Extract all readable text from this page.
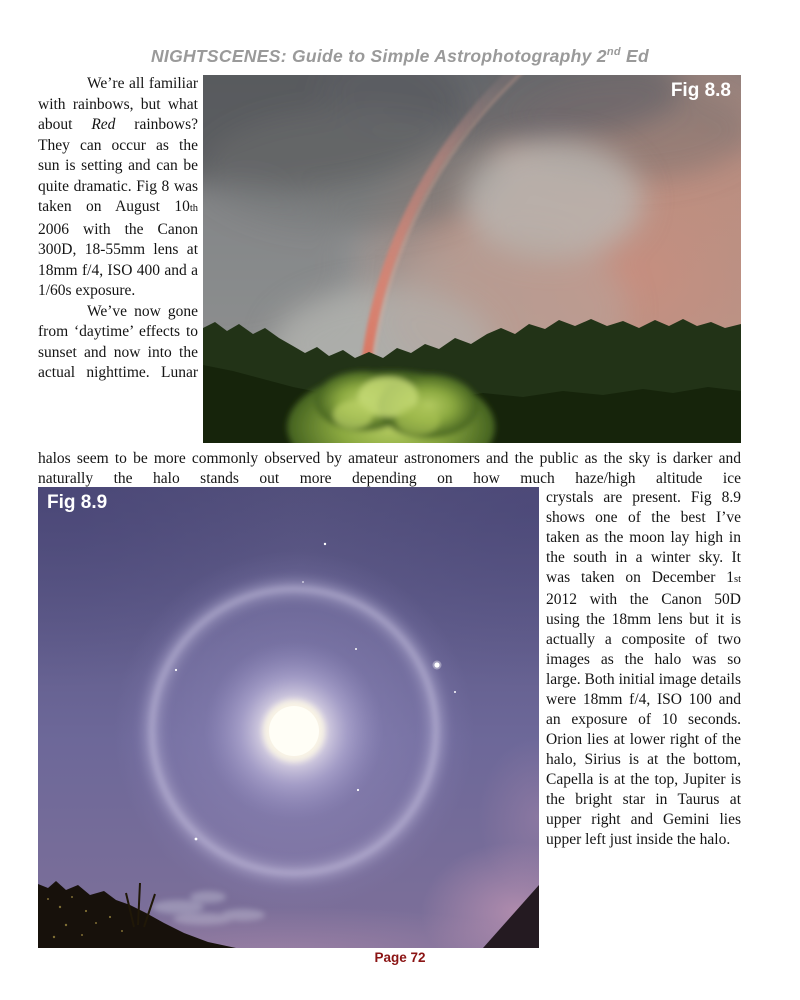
NIGHTSCENES: Guide to Simple Astrophotography 2nd Ed

We’re all familiar with rainbows, but what about Red rainbows? They can occur as the sun is setting and can be quite dramatic. Fig 8 was taken on August 10th 2006 with the Canon 300D, 18-55mm lens at 18mm f/4, ISO 400 and a 1/60s exposure.

We’ve now gone from ‘daytime’ effects to sunset and now into the actual nighttime. Lunar

Fig 8.8

halos seem to be more commonly observed by amateur astronomers and the public as the sky is darker and naturally the halo stands out more depending on how much haze/high altitude ice

Fig 8.9	crystals are present. Fig 8.9 shows one of the best I’ve taken as the moon lay high in the south in a winter sky. It was taken on December 1st 2012 with the Canon 50D using the 18mm lens but it is actually a composite of two images as the halo was so large. Both initial image details were 18mm f/4, ISO 100 and an exposure of 10 seconds. Orion lies at lower right of the halo, Sirius is at the bottom, Capella is at the top, Jupiter is the bright star in Taurus at upper right and Gemini lies upper left just inside the halo.

Page 72
